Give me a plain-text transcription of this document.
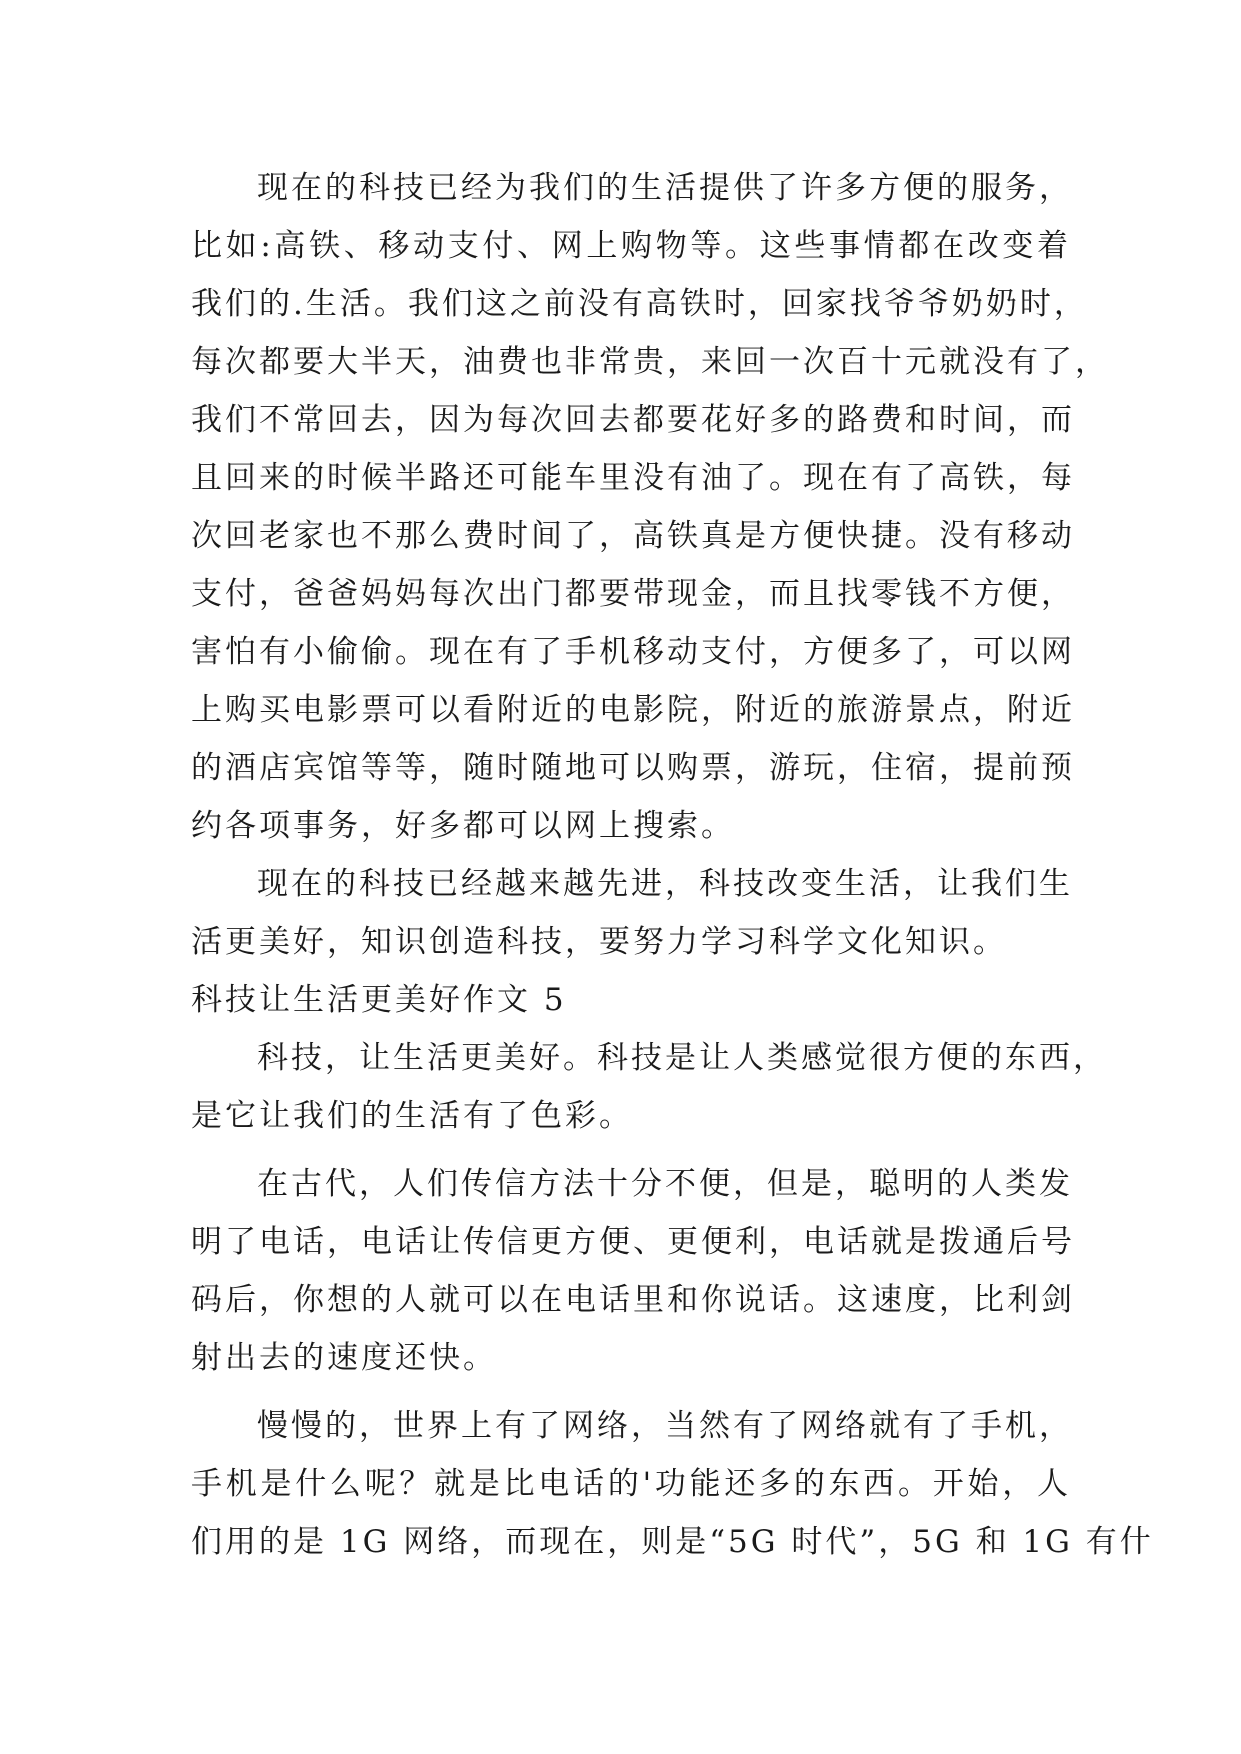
现在的科技已经为我们的生活提供了许多方便的服务，
比如:高铁、移动支付、网上购物等。这些事情都在改变着
我们的.生活。我们这之前没有高铁时，回家找爷爷奶奶时，
每次都要大半天，油费也非常贵，来回一次百十元就没有了，
我们不常回去，因为每次回去都要花好多的路费和时间，而
且回来的时候半路还可能车里没有油了。现在有了高铁，每
次回老家也不那么费时间了，高铁真是方便快捷。没有移动
支付，爸爸妈妈每次出门都要带现金，而且找零钱不方便，
害怕有小偷偷。现在有了手机移动支付，方便多了，可以网
上购买电影票可以看附近的电影院，附近的旅游景点，附近
的酒店宾馆等等，随时随地可以购票，游玩，住宿，提前预
约各项事务，好多都可以网上搜索。
现在的科技已经越来越先进，科技改变生活，让我们生
活更美好，知识创造科技，要努力学习科学文化知识。
科技让生活更美好作文 5
科技，让生活更美好。科技是让人类感觉很方便的东西，
是它让我们的生活有了色彩。
在古代，人们传信方法十分不便，但是，聪明的人类发
明了电话，电话让传信更方便、更便利，电话就是拨通后号
码后，你想的人就可以在电话里和你说话。这速度，比利剑
射出去的速度还快。
慢慢的，世界上有了网络，当然有了网络就有了手机，
手机是什么呢？就是比电话的'功能还多的东西。开始，人
们用的是 1G 网络，而现在，则是“5G 时代”，5G 和 1G 有什
